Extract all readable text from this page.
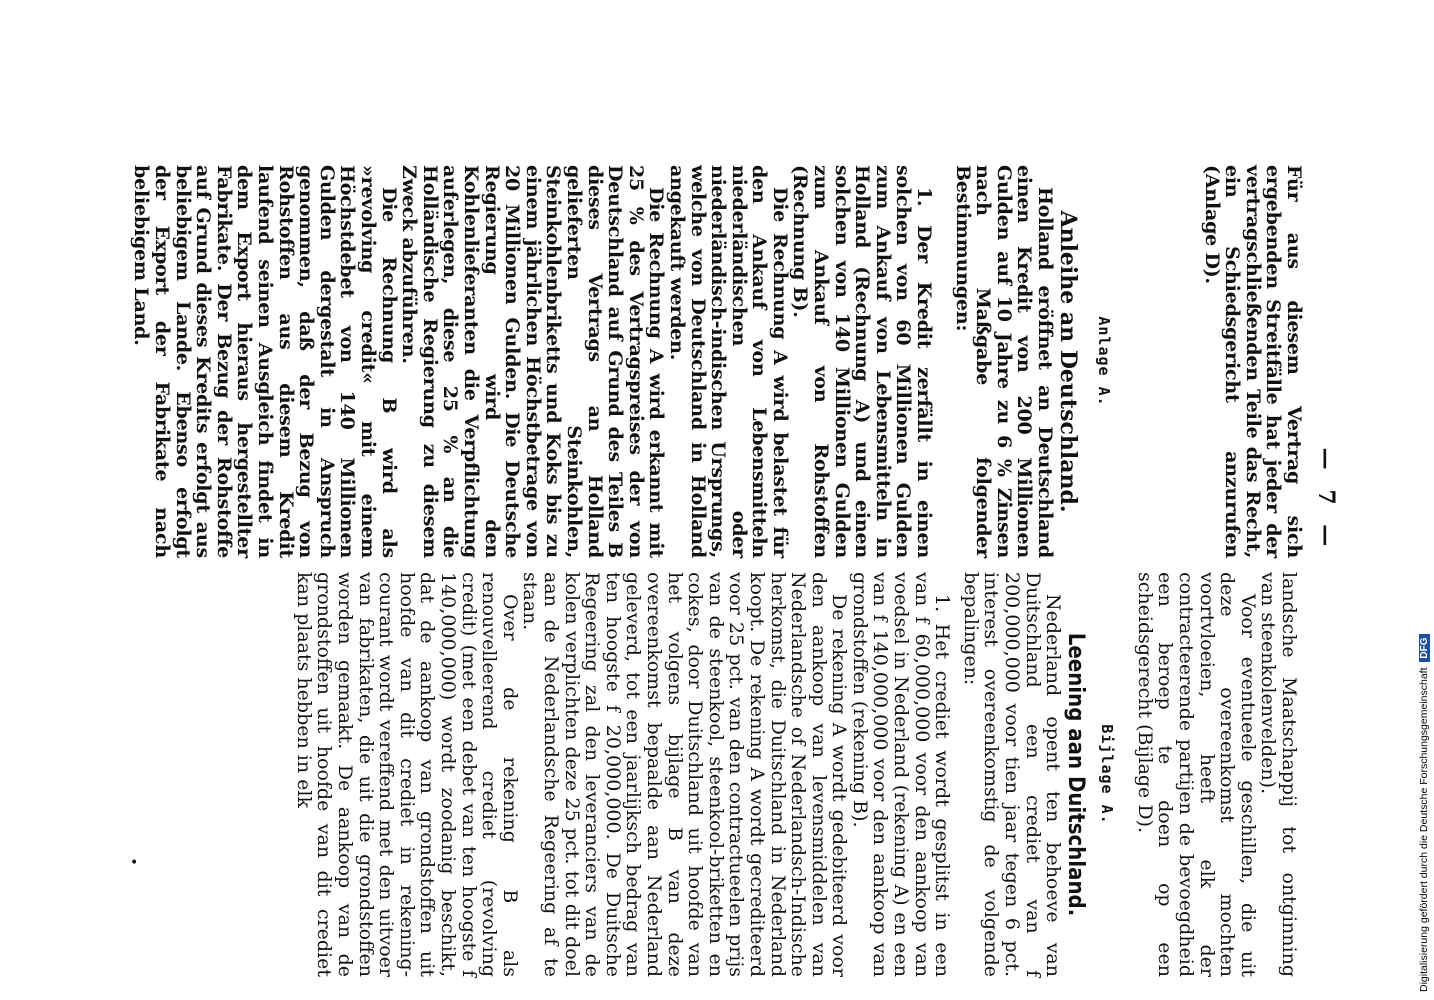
— 7 —

Für aus diesem Vertrag sich ergebenden Streitfälle hat jeder der vertragschließenden Teile das Recht, ein Schiedsgericht anzurufen (Anlage D).

Anlage A.

Anleihe an Deutschland.

Holland eröffnet an Deutschland einen Kredit von 200 Millionen Gulden auf 10 Jahre zu 6 % Zinsen nach Maßgabe folgender Bestimmungen:

1. Der Kredit zerfällt in einen solchen von 60 Millionen Gulden zum Ankauf von Lebensmitteln in Holland (Rechnung A) und einen solchen von 140 Millionen Gulden zum Ankauf von Rohstoffen (Rechnung B).

Die Rechnung A wird belastet für den Ankauf von Lebensmitteln niederländischen oder niederländisch-indischen Ursprungs, welche von Deutschland in Holland angekauft werden.

Die Rechnung A wird erkannt mit 25 % des Vertragspreises der von Deutschland auf Grund des Teiles B dieses Vertrags an Holland gelieferten Steinkohlen, Steinkohlenbriketts und Koks bis zu einem jährlichen Höchstbetrage von 20 Millionen Gulden. Die Deutsche Regierung wird den Kohlenlieferanten die Verpflichtung auferlegen, diese 25 % an die Holländische Regierung zu diesem Zweck abzuführen.

Die Rechnung B wird als »revolving credit« mit einem Höchstdebet von 140 Millionen Gulden dergestalt in Anspruch genommen, daß der Bezug von Rohstoffen aus diesem Kredit laufend seinen Ausgleich findet in dem Export hieraus hergestellter Fabrikate. Der Bezug der Rohstoffe auf Grund dieses Kredits erfolgt aus beliebigem Lande. Ebenso erfolgt der Export der Fabrikate nach beliebigem Land.

landsche Maatschappij tot ontginning van steenkolenvelden).

Voor eventueele geschillen, die uit deze overeenkomst mochten voortvloeien, heeft elk der contracteerende partijen de bevoegdheid een beroep te doen op een scheidsgerecht (Bijlage D).

Bijlage A.

Leening aan Duitschland.

Nederland opent ten behoeve van Duitschland een crediet van f 200,000,000 voor tien jaar tegen 6 pct. interest overeenkomstig de volgende bepalingen:

1. Het crediet wordt gesplitst in een van f 60,000,000 voor den aankoop van voedsel in Nederland (rekening A) en een van f 140,000,000 voor den aankoop van grondstoffen (rekening B).

De rekening A wordt gedebiteerd voor den aankoop van levensmiddelen van Nederlandsche of Nederlandsch-Indische herkomst, die Duitschland in Nederland koopt. De rekening A wordt gecrediteerd voor 25 pct. van den contractueelen prijs van de steenkool, steenkool-briketten en cokes, door Duitschland uit hoofde van het volgens bijlage B van deze overeenkomst bepaalde aan Nederland geleverd, tot een jaarlijksch bedrag van ten hoogste f 20,000,000. De Duitsche Regeering zal den leveranciers van de kolen verplichten deze 25 pct. tot dit doel aan de Nederlandsche Regeering af te staan.

Over de rekening B als renouvelleerend crediet (revolving credit) (met een debet van ten hoogste f 140,000,000) wordt zoodanig beschikt, dat de aankoop van grondstoffen uit hoofde van dit crediet in rekening-courant wordt vereffend met den uitvoer van fabrikaten, die uit die grondstoffen worden gemaakt. De aankoop van de grondstoffen uit hoofde van dit crediet kan plaats hebben in elk

•	Digitalisierung gefördert durch die Deutsche Forschungsgemeinschaft DFG
